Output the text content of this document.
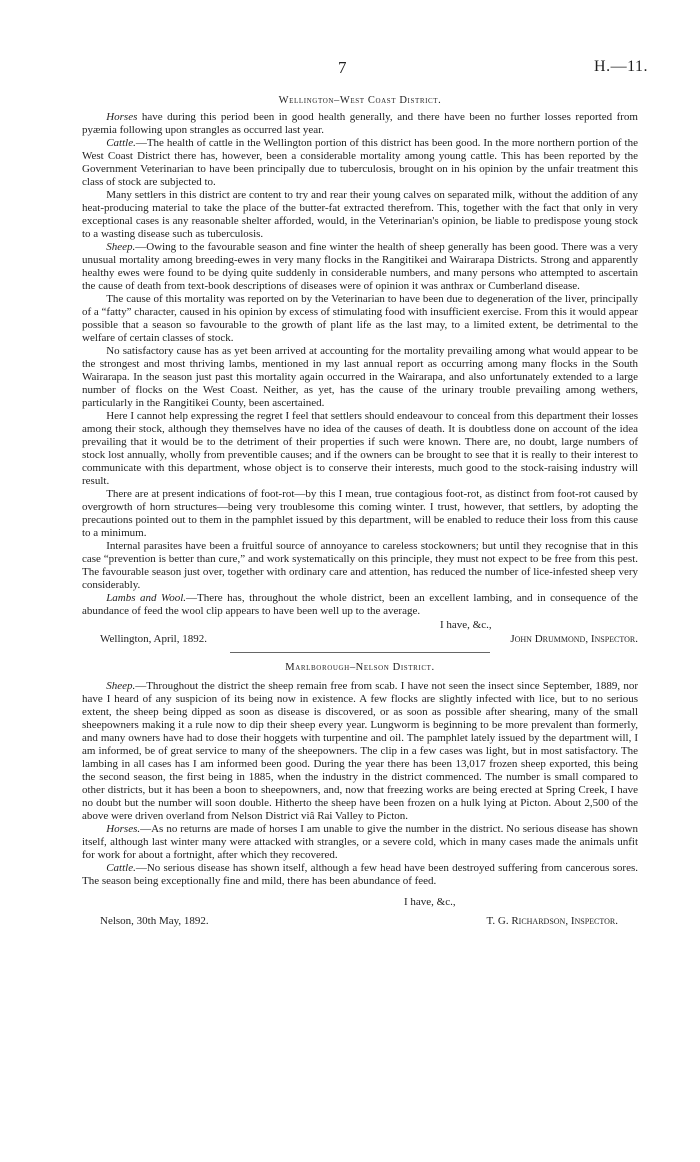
7	H.—11.
Wellington–West Coast District.

Horses have during this period been in good health generally, and there have been no further losses reported from pyæmia following upon strangles as occurred last year.

Cattle.—The health of cattle in the Wellington portion of this district has been good. In the more northern portion of the West Coast District there has, however, been a considerable mortality among young cattle. This has been reported by the Government Veterinarian to have been principally due to tuberculosis, brought on in his opinion by the unfair treatment this class of stock are subjected to.

Many settlers in this district are content to try and rear their young calves on separated milk, without the addition of any heat-producing material to take the place of the butter-fat extracted therefrom. This, together with the fact that only in very exceptional cases is any reasonable shelter afforded, would, in the Veterinarian's opinion, be liable to predispose young stock to a wasting disease such as tuberculosis.

Sheep.—Owing to the favourable season and fine winter the health of sheep generally has been good. There was a very unusual mortality among breeding-ewes in very many flocks in the Rangitikei and Wairarapa Districts. Strong and apparently healthy ewes were found to be dying quite suddenly in considerable numbers, and many persons who attempted to ascertain the cause of death from text-book descriptions of diseases were of opinion it was anthrax or Cumberland disease.

The cause of this mortality was reported on by the Veterinarian to have been due to degeneration of the liver, principally of a “fatty” character, caused in his opinion by excess of stimulating food with insufficient exercise. From this it would appear possible that a season so favourable to the growth of plant life as the last may, to a limited extent, be detrimental to the welfare of certain classes of stock.

No satisfactory cause has as yet been arrived at accounting for the mortality prevailing among what would appear to be the strongest and most thriving lambs, mentioned in my last annual report as occurring among many flocks in the South Wairarapa. In the season just past this mortality again occurred in the Wairarapa, and also unfortunately extended to a large number of flocks on the West Coast. Neither, as yet, has the cause of the urinary trouble prevailing among wethers, particularly in the Rangitikei County, been ascertained.

Here I cannot help expressing the regret I feel that settlers should endeavour to conceal from this department their losses among their stock, although they themselves have no idea of the causes of death. It is doubtless done on account of the idea prevailing that it would be to the detriment of their properties if such were known. There are, no doubt, large numbers of stock lost annually, wholly from preventible causes; and if the owners can be brought to see that it is really to their interest to communicate with this department, whose object is to conserve their interests, much good to the stock-raising industry will result.

There are at present indications of foot-rot—by this I mean, true contagious foot-rot, as distinct from foot-rot caused by overgrowth of horn structures—being very troublesome this coming winter. I trust, however, that settlers, by adopting the precautions pointed out to them in the pamphlet issued by this department, will be enabled to reduce their loss from this cause to a minimum.

Internal parasites have been a fruitful source of annoyance to careless stockowners; but until they recognise that in this case “prevention is better than cure,” and work systematically on this principle, they must not expect to be free from this pest. The favourable season just over, together with ordinary care and attention, has reduced the number of lice-infested sheep very considerably.

Lambs and Wool.—There has, throughout the whole district, been an excellent lambing, and in consequence of the abundance of feed the wool clip appears to have been well up to the average.

I have, &c.,
Wellington, April, 1892.	John Drummond, Inspector.
Marlborough–Nelson District.

Sheep.—Throughout the district the sheep remain free from scab. I have not seen the insect since September, 1889, nor have I heard of any suspicion of its being now in existence. A few flocks are slightly infected with lice, but to no serious extent, the sheep being dipped as soon as disease is discovered, or as soon as possible after shearing, many of the small sheepowners making it a rule now to dip their sheep every year. Lungworm is beginning to be more prevalent than formerly, and many owners have had to dose their hoggets with turpentine and oil. The pamphlet lately issued by the department will, I am informed, be of great service to many of the sheepowners. The clip in a few cases was light, but in most satisfactory. The lambing in all cases has I am informed been good. During the year there has been 13,017 frozen sheep exported, this being the second season, the first being in 1885, when the industry in the district commenced. The number is small compared to other districts, but it has been a boon to sheepowners, and, now that freezing works are being erected at Spring Creek, I have no doubt but the number will soon double. Hitherto the sheep have been frozen on a hulk lying at Picton. About 2,500 of the above were driven overland from Nelson District viâ Rai Valley to Picton.

Horses.—As no returns are made of horses I am unable to give the number in the district. No serious disease has shown itself, although last winter many were attacked with strangles, or a severe cold, which in many cases made the animals unfit for work for about a fortnight, after which they recovered.

Cattle.—No serious disease has shown itself, although a few head have been destroyed suffering from cancerous sores. The season being exceptionally fine and mild, there has been abundance of feed.

I have, &c.,
Nelson, 30th May, 1892.	T. G. Richardson, Inspector.
